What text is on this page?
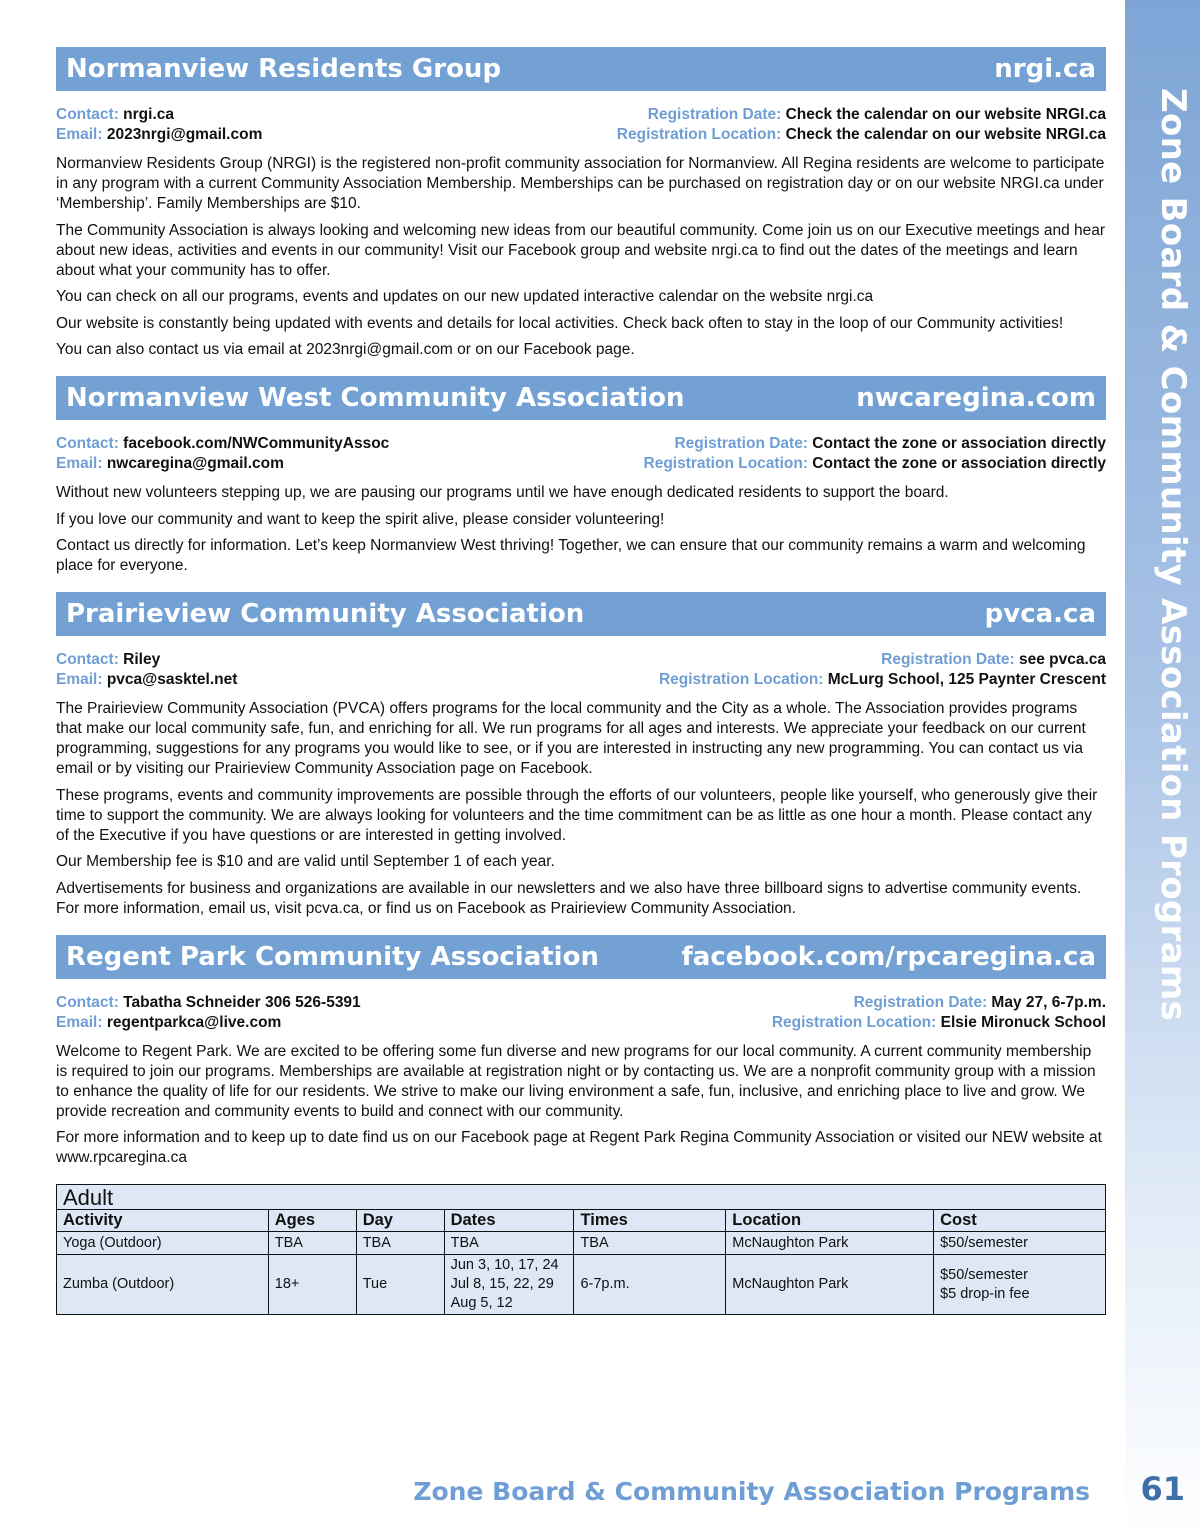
Zone Board & Community Association Programs
Normanview Residents Group	nrgi.ca
Contact: nrgi.ca	Registration Date: Check the calendar on our website NRGI.ca
Email: 2023nrgi@gmail.com	Registration Location: Check the calendar on our website NRGI.ca

Normanview Residents Group (NRGI) is the registered non-profit community association for Normanview. All Regina residents are welcome to participate in any program with a current Community Association Membership. Memberships can be purchased on registration day or on our website NRGI.ca under ‘Membership’. Family Memberships are $10.

The Community Association is always looking and welcoming new ideas from our beautiful community. Come join us on our Executive meetings and hear about new ideas, activities and events in our community! Visit our Facebook group and website nrgi.ca to find out the dates of the meetings and learn about what your community has to offer.

You can check on all our programs, events and updates on our new updated interactive calendar on the website nrgi.ca

Our website is constantly being updated with events and details for local activities. Check back often to stay in the loop of our Community activities!

You can also contact us via email at 2023nrgi@gmail.com or on our Facebook page.

Normanview West Community Association	nwcaregina.com
Contact: facebook.com/NWCommunityAssoc	Registration Date: Contact the zone or association directly
Email: nwcaregina@gmail.com	Registration Location: Contact the zone or association directly

Without new volunteers stepping up, we are pausing our programs until we have enough dedicated residents to support the board.

If you love our community and want to keep the spirit alive, please consider volunteering!

Contact us directly for information. Let’s keep Normanview West thriving! Together, we can ensure that our community remains a warm and welcoming place for everyone.

Prairieview Community Association	pvca.ca
Contact: Riley	Registration Date: see pvca.ca
Email: pvca@sasktel.net	Registration Location: McLurg School, 125 Paynter Crescent

The Prairieview Community Association (PVCA) offers programs for the local community and the City as a whole. The Association provides programs that make our local community safe, fun, and enriching for all. We run programs for all ages and interests. We appreciate your feedback on our current programming, suggestions for any programs you would like to see, or if you are interested in instructing any new programming. You can contact us via email or by visiting our Prairieview Community Association page on Facebook.

These programs, events and community improvements are possible through the efforts of our volunteers, people like yourself, who generously give their time to support the community. We are always looking for volunteers and the time commitment can be as little as one hour a month. Please contact any of the Executive if you have questions or are interested in getting involved.

Our Membership fee is $10 and are valid until September 1 of each year.

Advertisements for business and organizations are available in our newsletters and we also have three billboard signs to advertise community events. For more information, email us, visit pcva.ca, or find us on Facebook as Prairieview Community Association.

Regent Park Community Association	facebook.com/rpcaregina.ca
Contact: Tabatha Schneider 306 526-5391	Registration Date: May 27, 6-7p.m.
Email: regentparkca@live.com	Registration Location: Elsie Mironuck School

Welcome to Regent Park. We are excited to be offering some fun diverse and new programs for our local community. A current community membership is required to join our programs. Memberships are available at registration night or by contacting us. We are a nonprofit community group with a mission to enhance the quality of life for our residents. We strive to make our living environment a safe, fun, inclusive, and enriching place to live and grow. We provide recreation and community events to build and connect with our community.

For more information and to keep up to date find us on our Facebook page at Regent Park Regina Community Association or visited our NEW website at www.rpcaregina.ca

Adult						
Activity	Ages	Day	Dates	Times	Location	Cost
Yoga (Outdoor)	TBA	TBA	TBA	TBA	McNaughton Park	$50/semester
Zumba (Outdoor)	18+	Tue	Jun 3, 10, 17, 24
Jul 8, 15, 22, 29
Aug 5, 12	6-7p.m.	McNaughton Park	$50/semester
$5 drop-in fee
Zone Board & Community Association Programs 61
